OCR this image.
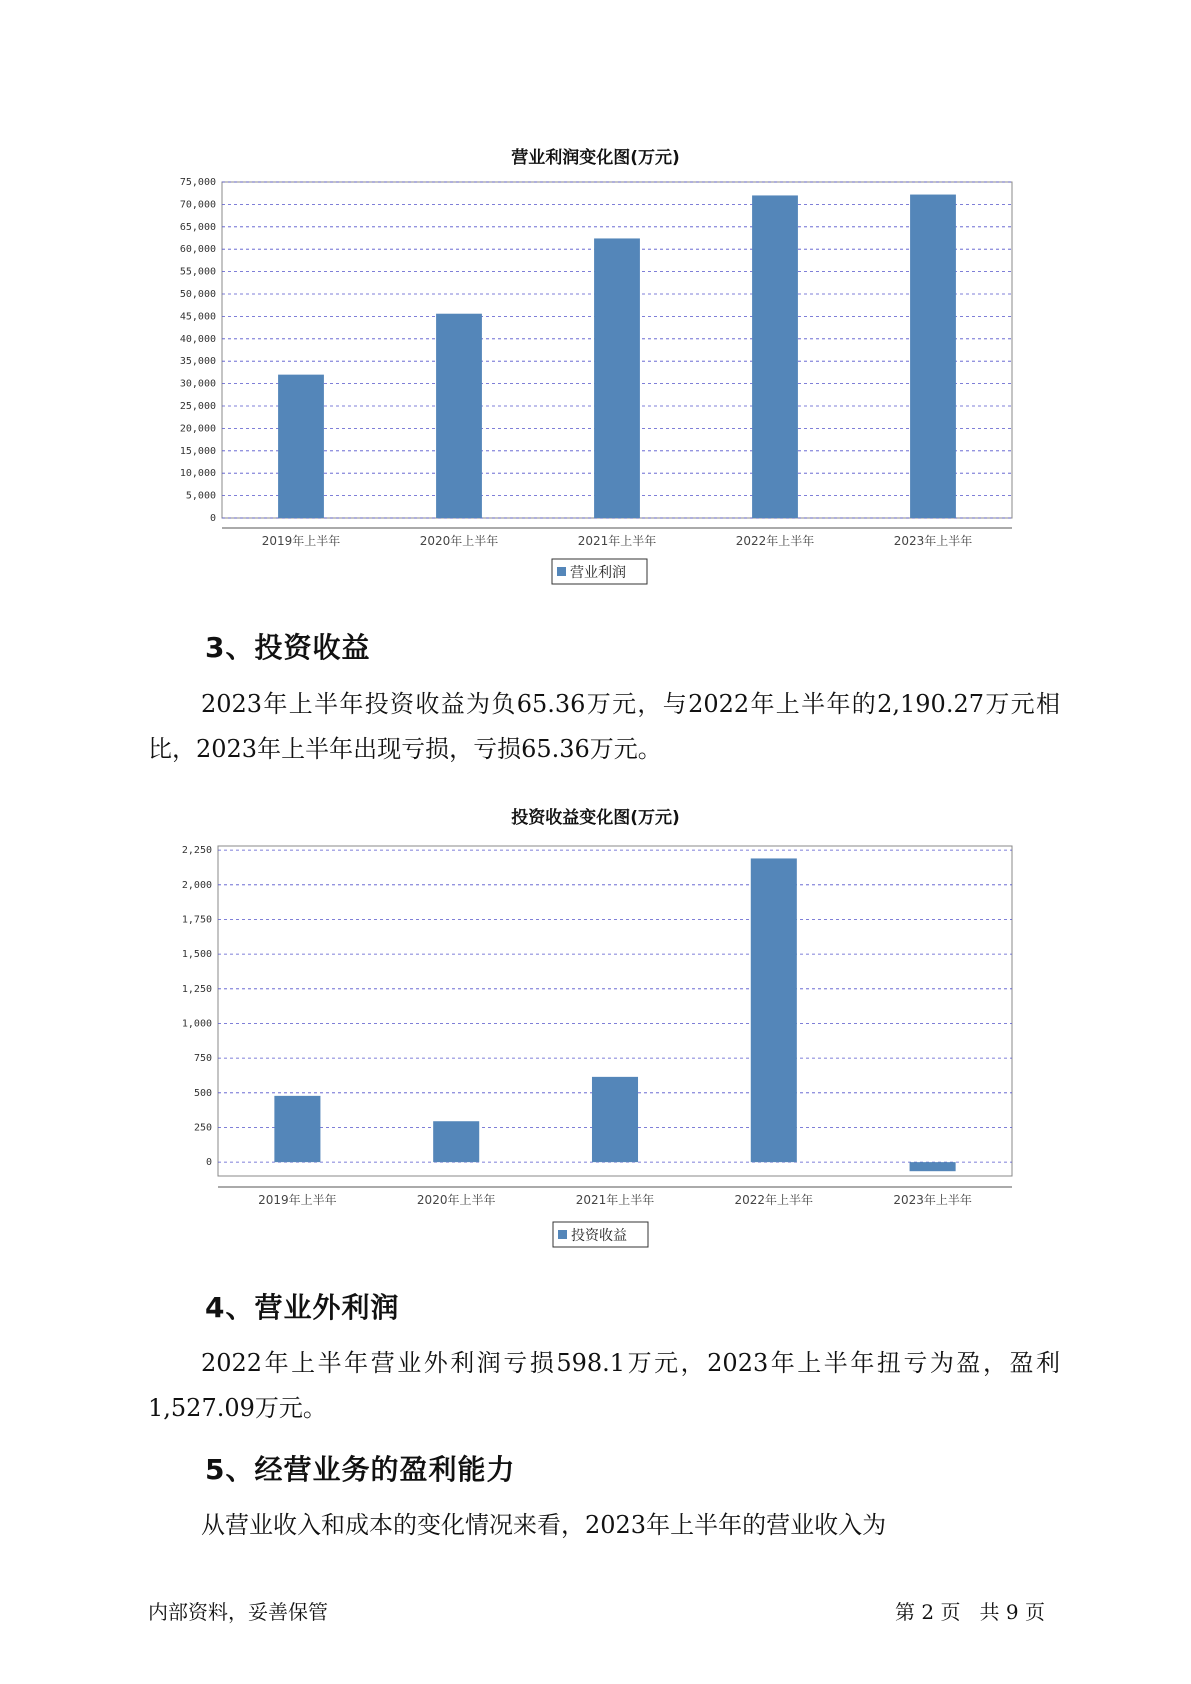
营业利润变化图(万元)
0
5,000
10,000
15,000
20,000
25,000
30,000
35,000
40,000
45,000
50,000
55,000
60,000
65,000
70,000
75,000
2019年上半年	2020年上半年	2021年上半年	2022年上半年	2023年上半年
营业利润
3、投资收益
2023年上半年投资收益为负65.36万元，与2022年上半年的2,190.27万元相比，2023年上半年出现亏损，亏损65.36万元。
投资收益变化图(万元)
0
250
500
750
1,000
1,250
1,500
1,750
2,000
2,250
2019年上半年	2020年上半年	2021年上半年	2022年上半年	2023年上半年
投资收益
4、营业外利润
2022年上半年营业外利润亏损598.1万元，2023年上半年扭亏为盈，盈利1,527.09万元。
5、经营业务的盈利能力
从营业收入和成本的变化情况来看，2023年上半年的营业收入为
内部资料，妥善保管	第 2 页   共 9 页
